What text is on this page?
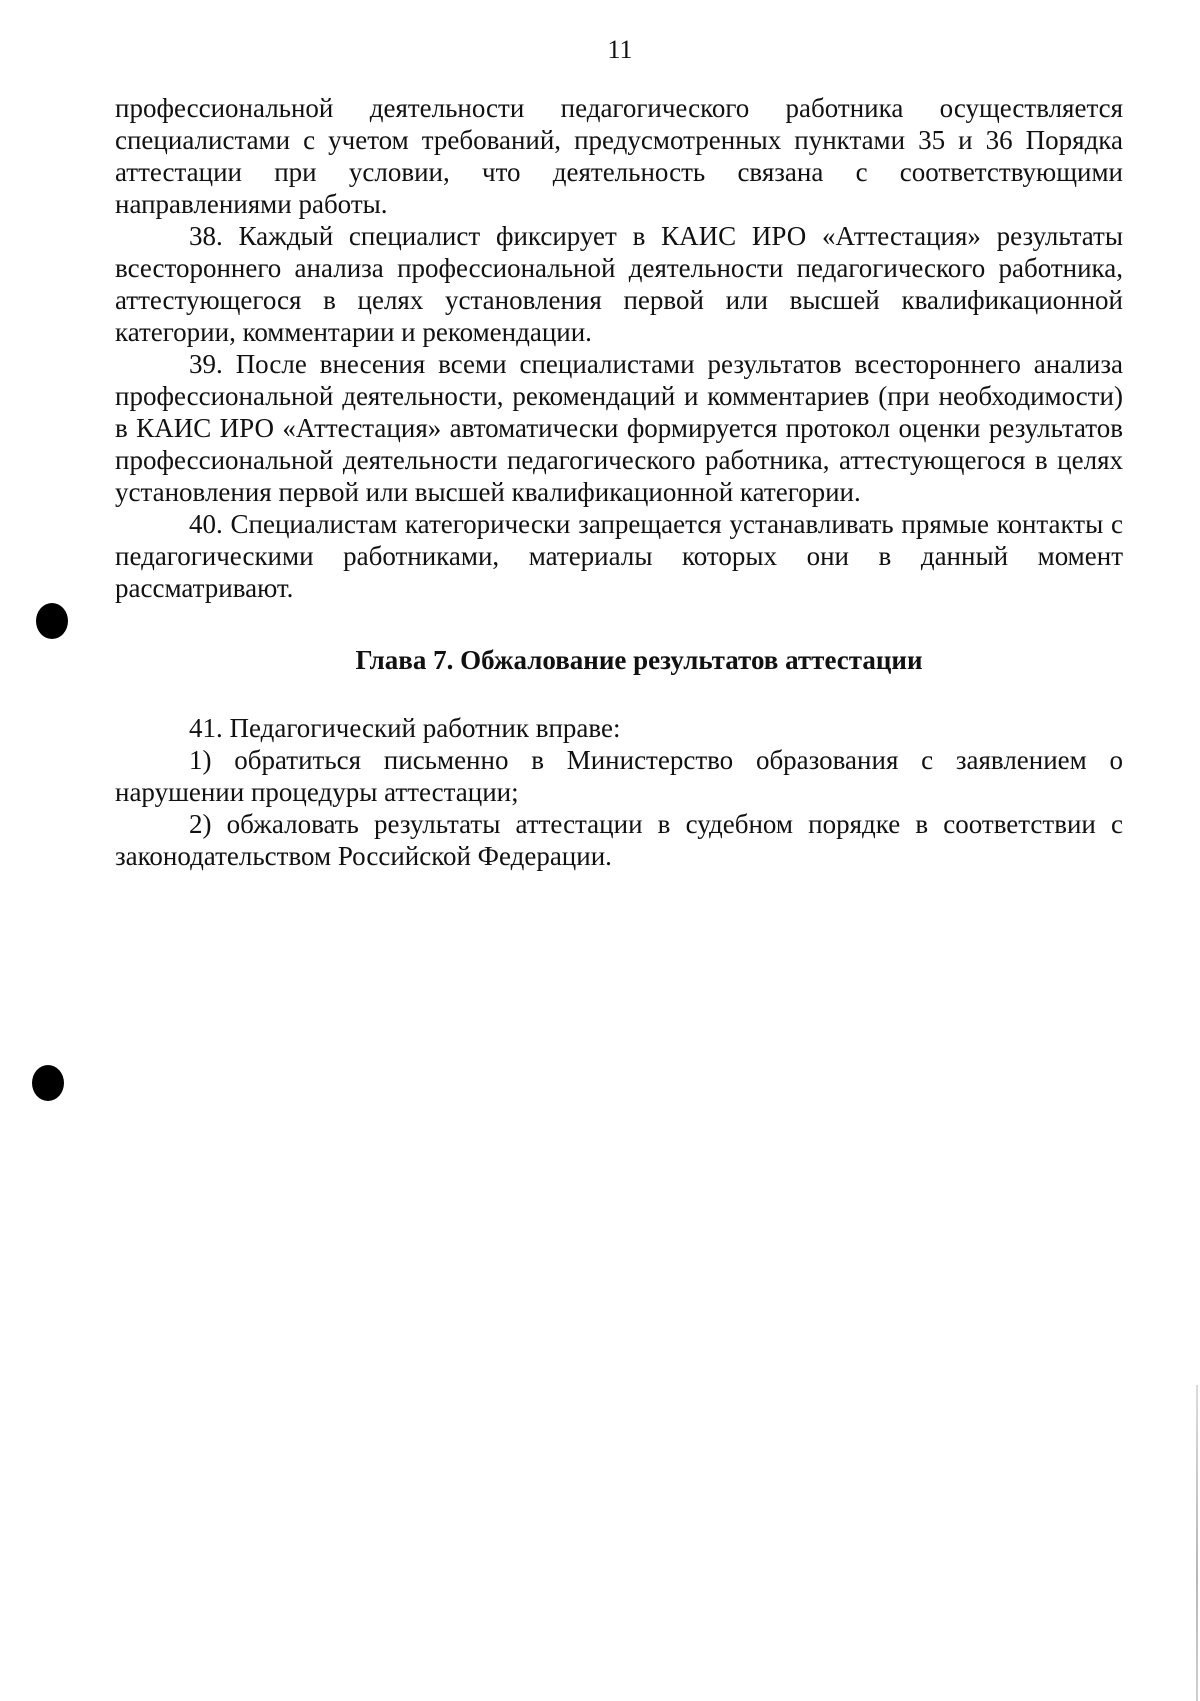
11

профессиональной деятельности педагогического работника осуществляется специалистами с учетом требований, предусмотренных пунктами 35 и 36 Порядка аттестации при условии, что деятельность связана с соответствующими направлениями работы.

38. Каждый специалист фиксирует в КАИС ИРО «Аттестация» результаты всестороннего анализа профессиональной деятельности педагогического работника, аттестующегося в целях установления первой или высшей квалификационной категории, комментарии и рекомендации.

39. После внесения всеми специалистами результатов всестороннего анализа профессиональной деятельности, рекомендаций и комментариев (при необходимости) в КАИС ИРО «Аттестация» автоматически формируется протокол оценки результатов профессиональной деятельности педагогического работника, аттестующегося в целях установления первой или высшей квалификационной категории.

40. Специалистам категорически запрещается устанавливать прямые контакты с педагогическими работниками, материалы которых они в данный момент рассматривают.

Глава 7. Обжалование результатов аттестации

41. Педагогический работник вправе:

1) обратиться письменно в Министерство образования с заявлением о нарушении процедуры аттестации;

2) обжаловать результаты аттестации в судебном порядке в соответствии с законодательством Российской Федерации.
